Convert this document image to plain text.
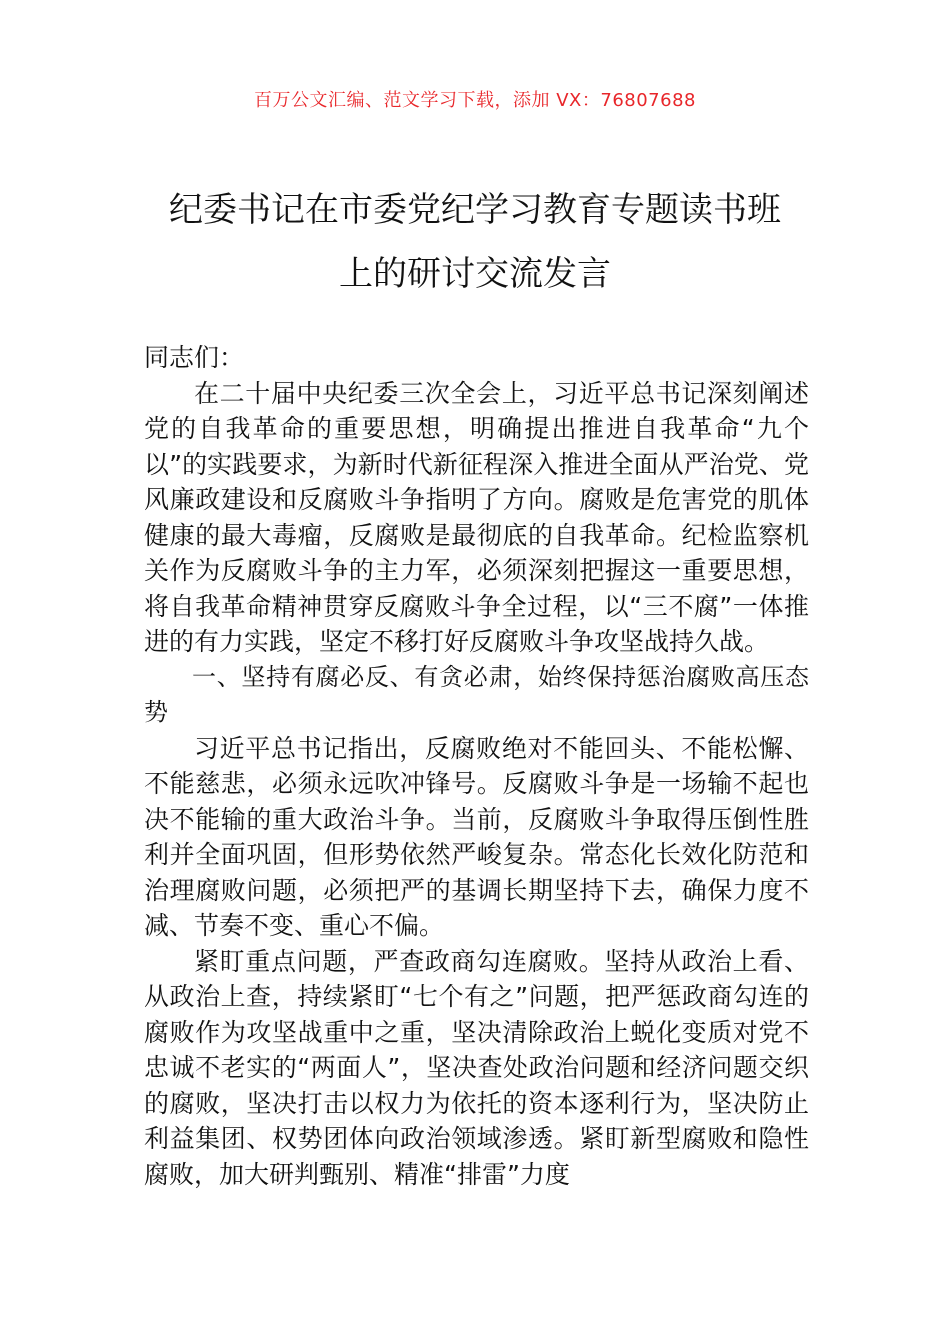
百万公文汇编、范文学习下载，添加 VX：76807688
纪委书记在市委党纪学习教育专题读书班
上的研讨交流发言

同志们：

在二十届中央纪委三次全会上，习近平总书记深刻阐述党的自我革命的重要思想，明确提出推进自我革命“九个以”的实践要求，为新时代新征程深入推进全面从严治党、党风廉政建设和反腐败斗争指明了方向。腐败是危害党的肌体健康的最大毒瘤，反腐败是最彻底的自我革命。纪检监察机关作为反腐败斗争的主力军，必须深刻把握这一重要思想，将自我革命精神贯穿反腐败斗争全过程，以“三不腐”一体推进的有力实践，坚定不移打好反腐败斗争攻坚战持久战。

一、坚持有腐必反、有贪必肃，始终保持惩治腐败高压态势

习近平总书记指出，反腐败绝对不能回头、不能松懈、不能慈悲，必须永远吹冲锋号。反腐败斗争是一场输不起也决不能输的重大政治斗争。当前，反腐败斗争取得压倒性胜利并全面巩固，但形势依然严峻复杂。常态化长效化防范和治理腐败问题，必须把严的基调长期坚持下去，确保力度不减、节奏不变、重心不偏。

紧盯重点问题，严查政商勾连腐败。坚持从政治上看、从政治上查，持续紧盯“七个有之”问题，把严惩政商勾连的腐败作为攻坚战重中之重，坚决清除政治上蜕化变质对党不忠诚不老实的“两面人”，坚决查处政治问题和经济问题交织的腐败，坚决打击以权力为依托的资本逐利行为，坚决防止利益集团、权势团体向政治领域渗透。紧盯新型腐败和隐性腐败，加大研判甄别、精准“排雷”力度
